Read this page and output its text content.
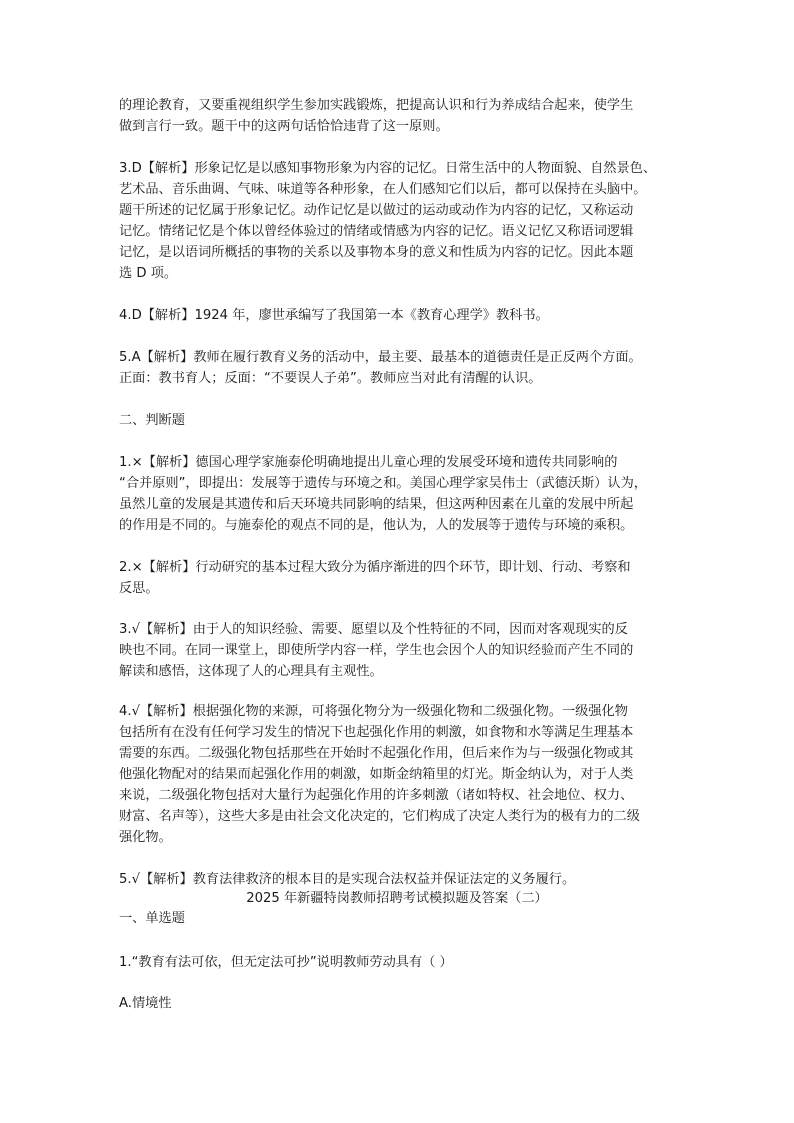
的理论教育，又要重视组织学生参加实践锻炼，把提高认识和行为养成结合起来，使学生
做到言行一致。题干中的这两句话恰恰违背了这一原则。
3.D【解析】形象记忆是以感知事物形象为内容的记忆。日常生活中的人物面貌、自然景色、
艺术品、音乐曲调、气味、味道等各种形象，在人们感知它们以后，都可以保持在头脑中。
题干所述的记忆属于形象记忆。动作记忆是以做过的运动或动作为内容的记忆，又称运动
记忆。情绪记忆是个体以曾经体验过的情绪或情感为内容的记忆。语义记忆又称语词逻辑
记忆，是以语词所概括的事物的关系以及事物本身的意义和性质为内容的记忆。因此本题
选 D 项。
4.D【解析】1924 年，廖世承编写了我国第一本《教育心理学》教科书。
5.A【解析】教师在履行教育义务的活动中，最主要、最基本的道德责任是正反两个方面。
正面：教书育人；反面：“不要误人子弟”。教师应当对此有清醒的认识。
二、判断题
1.×【解析】德国心理学家施泰伦明确地提出儿童心理的发展受环境和遗传共同影响的
“合并原则”，即提出：发展等于遗传与环境之和。美国心理学家吴伟士（武德沃斯）认为，
虽然儿童的发展是其遗传和后天环境共同影响的结果，但这两种因素在儿童的发展中所起
的作用是不同的。与施泰伦的观点不同的是，他认为，人的发展等于遗传与环境的乘积。
2.×【解析】行动研究的基本过程大致分为循序渐进的四个环节，即计划、行动、考察和
反思。
3.√【解析】由于人的知识经验、需要、愿望以及个性特征的不同，因而对客观现实的反
映也不同。在同一课堂上，即使所学内容一样，学生也会因个人的知识经验而产生不同的
解读和感悟，这体现了人的心理具有主观性。
4.√【解析】根据强化物的来源，可将强化物分为一级强化物和二级强化物。一级强化物
包括所有在没有任何学习发生的情况下也起强化作用的刺激，如食物和水等满足生理基本
需要的东西。二级强化物包括那些在开始时不起强化作用，但后来作为与一级强化物或其
他强化物配对的结果而起强化作用的刺激，如斯金纳箱里的灯光。斯金纳认为，对于人类
来说，二级强化物包括对大量行为起强化作用的许多刺激（诸如特权、社会地位、权力、
财富、名声等），这些大多是由社会文化决定的，它们构成了决定人类行为的极有力的二级
强化物。
5.√【解析】教育法律救济的根本目的是实现合法权益并保证法定的义务履行。
2025 年新疆特岗教师招聘考试模拟题及答案（二）
一、单选题
1.“教育有法可依，但无定法可抄”说明教师劳动具有（ ）
A.情境性
